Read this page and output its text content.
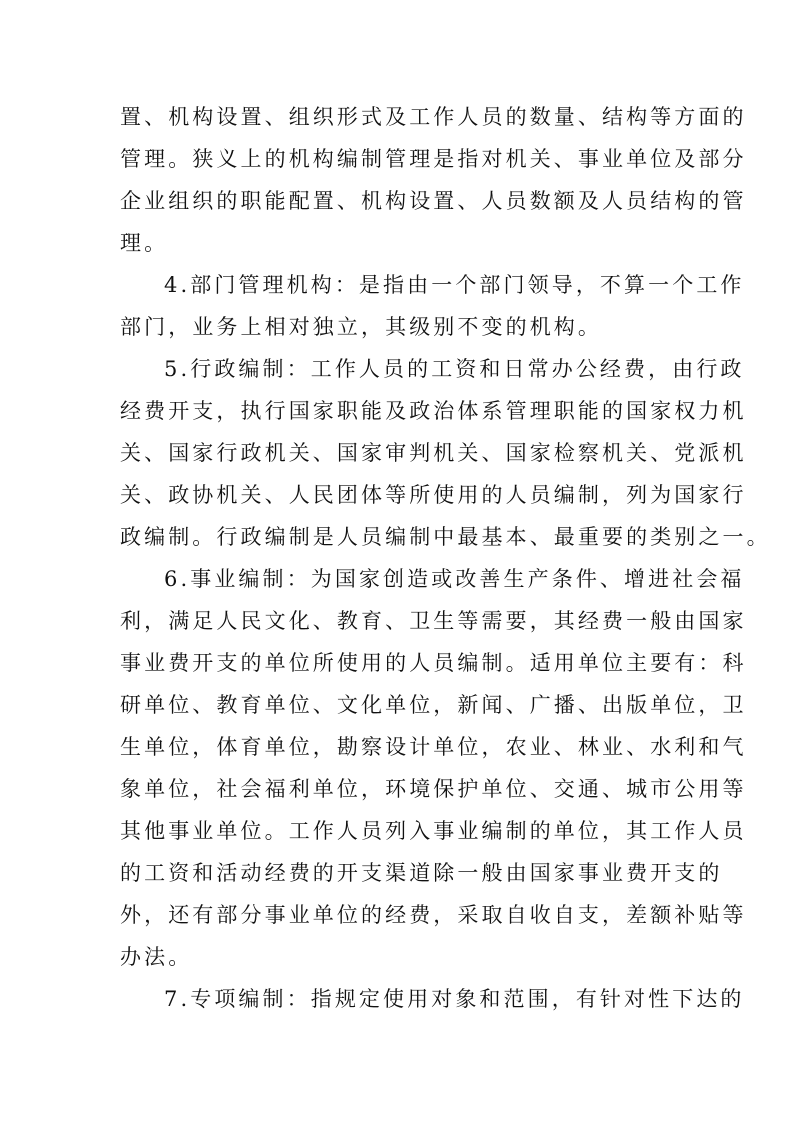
置、机构设置、组织形式及工作人员的数量、结构等方面的
管理。狭义上的机构编制管理是指对机关、事业单位及部分
企业组织的职能配置、机构设置、人员数额及人员结构的管
理。
4.部门管理机构：是指由一个部门领导，不算一个工作
部门，业务上相对独立，其级别不变的机构。
5.行政编制：工作人员的工资和日常办公经费，由行政
经费开支，执行国家职能及政治体系管理职能的国家权力机
关、国家行政机关、国家审判机关、国家检察机关、党派机
关、政协机关、人民团体等所使用的人员编制，列为国家行
政编制。行政编制是人员编制中最基本、最重要的类别之一。
6.事业编制：为国家创造或改善生产条件、增进社会福
利，满足人民文化、教育、卫生等需要，其经费一般由国家
事业费开支的单位所使用的人员编制。适用单位主要有：科
研单位、教育单位、文化单位，新闻、广播、出版单位，卫
生单位，体育单位，勘察设计单位，农业、林业、水利和气
象单位，社会福利单位，环境保护单位、交通、城市公用等
其他事业单位。工作人员列入事业编制的单位，其工作人员
的工资和活动经费的开支渠道除一般由国家事业费开支的
外，还有部分事业单位的经费，采取自收自支，差额补贴等
办法。
7.专项编制：指规定使用对象和范围，有针对性下达的
